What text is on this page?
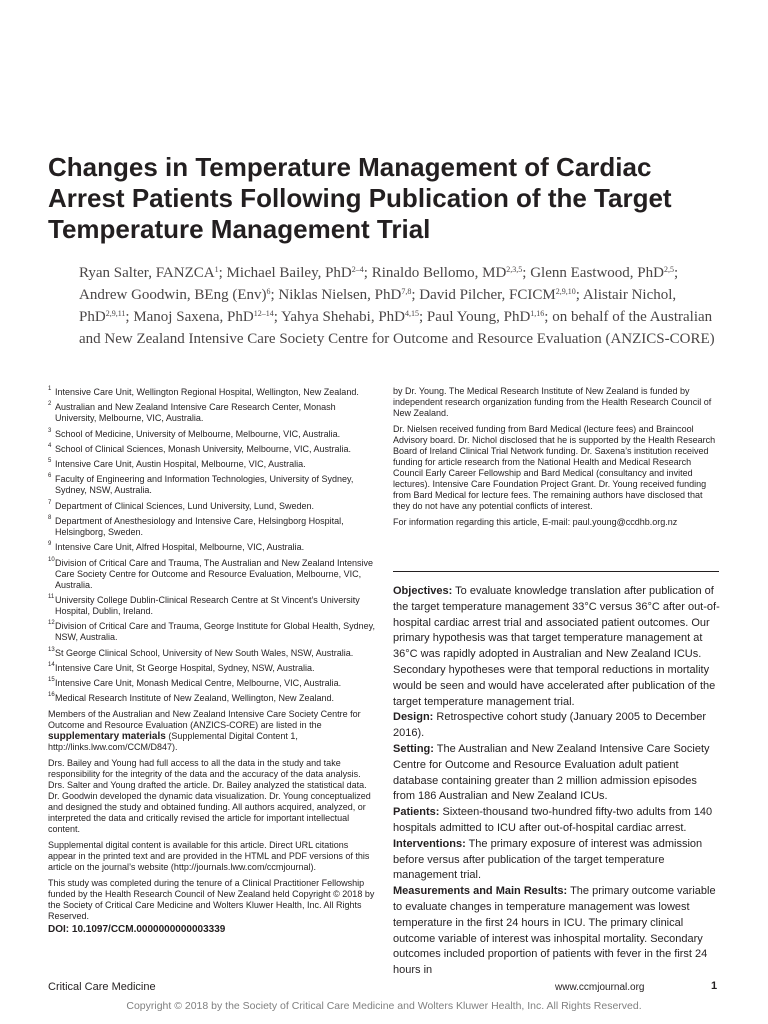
Changes in Temperature Management of Cardiac Arrest Patients Following Publication of the Target Temperature Management Trial

Ryan Salter, FANZCA$^1$; Michael Bailey, PhD$^{2-4}$; Rinaldo Bellomo, MD$^{2,3,5}$; Glenn Eastwood, PhD$^{2,5}$; Andrew Goodwin, BEng (Env)$^6$; Niklas Nielsen, PhD$^{7,8}$; David Pilcher, FCICM$^{2,9,10}$; Alistair Nichol, PhD$^{2,9,11}$; Manoj Saxena, PhD$^{12-14}$; Yahya Shehabi, PhD$^{4,15}$; Paul Young, PhD$^{1,16}$; on behalf of the Australian and New Zealand Intensive Care Society Centre for Outcome and Resource Evaluation (ANZICS-CORE)

1 Intensive Care Unit, Wellington Regional Hospital, Wellington, New Zealand.
2 Australian and New Zealand Intensive Care Research Center, Monash University, Melbourne, VIC, Australia.
3 School of Medicine, University of Melbourne, Melbourne, VIC, Australia.
4 School of Clinical Sciences, Monash University, Melbourne, VIC, Australia.
5 Intensive Care Unit, Austin Hospital, Melbourne, VIC, Australia.
6 Faculty of Engineering and Information Technologies, University of Sydney, Sydney, NSW, Australia.
7 Department of Clinical Sciences, Lund University, Lund, Sweden.
8 Department of Anesthesiology and Intensive Care, Helsingborg Hospital, Helsingborg, Sweden.
9 Intensive Care Unit, Alfred Hospital, Melbourne, VIC, Australia.
10 Division of Critical Care and Trauma, The Australian and New Zealand Intensive Care Society Centre for Outcome and Resource Evaluation, Melbourne, VIC, Australia.
11 University College Dublin-Clinical Research Centre at St Vincent’s University Hospital, Dublin, Ireland.
12 Division of Critical Care and Trauma, George Institute for Global Health, Sydney, NSW, Australia.
13 St George Clinical School, University of New South Wales, NSW, Australia.
14 Intensive Care Unit, St George Hospital, Sydney, NSW, Australia.
15 Intensive Care Unit, Monash Medical Centre, Melbourne, VIC, Australia.
16 Medical Research Institute of New Zealand, Wellington, New Zealand.
Members of the Australian and New Zealand Intensive Care Society Centre for Outcome and Resource Evaluation (ANZICS-CORE) are listed in the supplementary materials (Supplemental Digital Content 1, http://links.lww.com/CCM/D847).
Drs. Bailey and Young had full access to all the data in the study and take responsibility for the integrity of the data and the accuracy of the data analysis. Drs. Salter and Young drafted the article. Dr. Bailey analyzed the statistical data. Dr. Goodwin developed the dynamic data visualization. Dr. Young conceptualized and designed the study and obtained funding. All authors acquired, analyzed, or interpreted the data and critically revised the article for important intellectual content.
Supplemental digital content is available for this article. Direct URL citations appear in the printed text and are provided in the HTML and PDF versions of this article on the journal’s website (http://journals.lww.com/ccmjournal).
This study was completed during the tenure of a Clinical Practitioner Fellowship funded by the Health Research Council of New Zealand held Copyright © 2018 by the Society of Critical Care Medicine and Wolters Kluwer Health, Inc. All Rights Reserved.
DOI: 10.1097/CCM.0000000000003339
by Dr. Young. The Medical Research Institute of New Zealand is funded by independent research organization funding from the Health Research Council of New Zealand.
Dr. Nielsen received funding from Bard Medical (lecture fees) and Braincool Advisory board. Dr. Nichol disclosed that he is supported by the Health Research Board of Ireland Clinical Trial Network funding. Dr. Saxena’s institution received funding for article research from the National Health and Medical Research Council Early Career Fellowship and Bard Medical (consultancy and invited lectures). Intensive Care Foundation Project Grant. Dr. Young received funding from Bard Medical for lecture fees. The remaining authors have disclosed that they do not have any potential conflicts of interest.
For information regarding this article, E-mail: paul.young@ccdhb.org.nz

Objectives: To evaluate knowledge translation after publication of the target temperature management 33°C versus 36°C after out-of-hospital cardiac arrest trial and associated patient outcomes. Our primary hypothesis was that target temperature management at 36°C was rapidly adopted in Australian and New Zealand ICUs. Secondary hypotheses were that temporal reductions in mortality would be seen and would have accelerated after publication of the target temperature management trial.

Design: Retrospective cohort study (January 2005 to December 2016).

Setting: The Australian and New Zealand Intensive Care Society Centre for Outcome and Resource Evaluation adult patient database containing greater than 2 million admission episodes from 186 Australian and New Zealand ICUs.

Patients: Sixteen-thousand two-hundred fifty-two adults from 140 hospitals admitted to ICU after out-of-hospital cardiac arrest.

Interventions: The primary exposure of interest was admission before versus after publication of the target temperature management trial.

Measurements and Main Results: The primary outcome variable to evaluate changes in temperature management was lowest temperature in the first 24 hours in ICU. The primary clinical outcome variable of interest was inhospital mortality. Secondary outcomes included proportion of patients with fever in the first 24 hours in

Critical Care Medicine	www.ccmjournal.org	1
Copyright © 2018 by the Society of Critical Care Medicine and Wolters Kluwer Health, Inc. All Rights Reserved.
